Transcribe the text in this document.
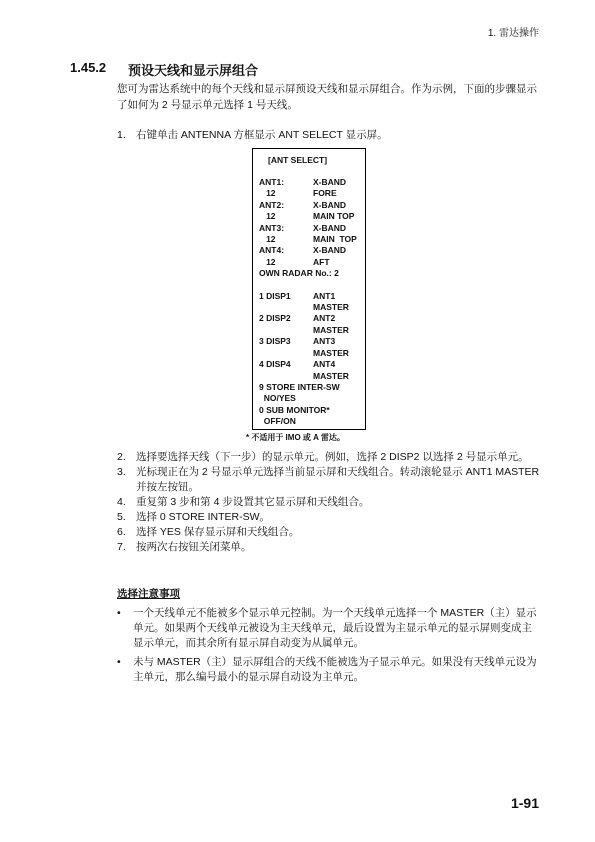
1. 雷达操作
1.45.2 预设天线和显示屏组合
您可为雷达系统中的每个天线和显示屏预设天线和显示屏组合。作为示例，下面的步骤显示了如何为 2 号显示单元选择 1 号天线。
1. 右键单击 ANTENNA 方框显示 ANT SELECT 显示屏。
[ANT SELECT]
ANT1:	X-BAND
12	FORE
ANT2:	X-BAND
12	MAIN TOP
ANT3:	X-BAND
12	MAIN  TOP
ANT4:	X-BAND
12	AFT
OWN RADAR No.: 2
1 DISP1	ANT1
MASTER
2 DISP2	ANT2
MASTER
3 DISP3	ANT3
MASTER
4 DISP4	ANT4
MASTER
9 STORE INTER-SW
NO/YES
0 SUB MONITOR*
OFF/ON
* 不适用于 IMO 或 A 雷达。
2. 选择要选择天线（下一步）的显示单元。例如，选择 2 DISP2 以选择 2 号显示单元。
3. 光标现正在为 2 号显示单元选择当前显示屏和天线组合。转动滚轮显示 ANT1 MASTER 并按左按钮。
4. 重复第 3 步和第 4 步设置其它显示屏和天线组合。
5. 选择 0 STORE INTER-SW。
6. 选择 YES 保存显示屏和天线组合。
7. 按两次右按钮关闭菜单。
选择注意事项
•	一个天线单元不能被多个显示单元控制。为一个天线单元选择一个 MASTER（主）显示单元。如果两个天线单元被设为主天线单元，最后设置为主显示单元的显示屏则变成主显示单元，而其余所有显示屏自动变为从属单元。
•	未与 MASTER（主）显示屏组合的天线不能被选为子显示单元。如果没有天线单元设为主单元，那么编号最小的显示屏自动设为主单元。
1-91
